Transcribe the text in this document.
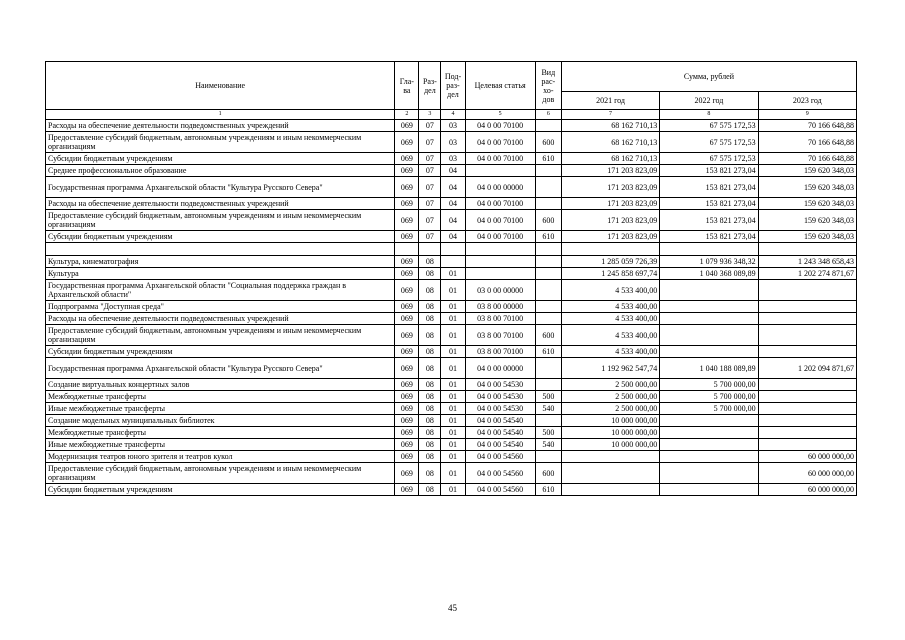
Наименование	Гла- ва	Раз- дел	Под- раз- дел	Целевая статья	Вид рас- хо- дов	Сумма, рублей		
						2021 год	2022 год	2023 год
1	2	3	4	5	6	7	8	9
Расходы на обеспечение деятельности подведомственных учреждений	069	07	03	04 0 00 70100		68 162 710,13	67 575 172,53	70 166 648,88
Предоставление субсидий бюджетным, автономным учреждениям и иным некоммерческим организациям	069	07	03	04 0 00 70100	600	68 162 710,13	67 575 172,53	70 166 648,88
Субсидии бюджетным учреждениям	069	07	03	04 0 00 70100	610	68 162 710,13	67 575 172,53	70 166 648,88
Среднее профессиональное образование	069	07	04			171 203 823,09	153 821 273,04	159 620 348,03
Государственная программа Архангельской области "Культура Русского Севера"	069	07	04	04 0 00 00000		171 203 823,09	153 821 273,04	159 620 348,03
Расходы на обеспечение деятельности подведомственных учреждений	069	07	04	04 0 00 70100		171 203 823,09	153 821 273,04	159 620 348,03
Предоставление субсидий бюджетным, автономным учреждениям и иным некоммерческим организациям	069	07	04	04 0 00 70100	600	171 203 823,09	153 821 273,04	159 620 348,03
Субсидии бюджетным учреждениям	069	07	04	04 0 00 70100	610	171 203 823,09	153 821 273,04	159 620 348,03

Культура, кинематография	069	08				1 285 059 726,39	1 079 936 348,32	1 243 348 658,43
Культура	069	08	01			1 245 858 697,74	1 040 368 089,89	1 202 274 871,67
Государственная программа Архангельской области "Социальная поддержка граждан в Архангельской области"	069	08	01	03 0 00 00000		4 533 400,00		
Подпрограмма "Доступная среда"	069	08	01	03 8 00 00000		4 533 400,00		
Расходы на обеспечение деятельности подведомственных учреждений	069	08	01	03 8 00 70100		4 533 400,00		
Предоставление субсидий бюджетным, автономным учреждениям и иным некоммерческим организациям	069	08	01	03 8 00 70100	600	4 533 400,00		
Субсидии бюджетным учреждениям	069	08	01	03 8 00 70100	610	4 533 400,00		
Государственная программа Архангельской области "Культура Русского Севера"	069	08	01	04 0 00 00000		1 192 962 547,74	1 040 188 089,89	1 202 094 871,67
Создание виртуальных концертных залов	069	08	01	04 0 00 54530		2 500 000,00	5 700 000,00	
Межбюджетные трансферты	069	08	01	04 0 00 54530	500	2 500 000,00	5 700 000,00	
Иные межбюджетные трансферты	069	08	01	04 0 00 54530	540	2 500 000,00	5 700 000,00	
Создание модельных муниципальных библиотек	069	08	01	04 0 00 54540		10 000 000,00		
Межбюджетные трансферты	069	08	01	04 0 00 54540	500	10 000 000,00		
Иные межбюджетные трансферты	069	08	01	04 0 00 54540	540	10 000 000,00		
Модернизация театров юного зрителя и театров кукол	069	08	01	04 0 00 54560				60 000 000,00
Предоставление субсидий бюджетным, автономным учреждениям и иным некоммерческим организациям	069	08	01	04 0 00 54560	600			60 000 000,00
Субсидии бюджетным учреждениям	069	08	01	04 0 00 54560	610			60 000 000,00
45
